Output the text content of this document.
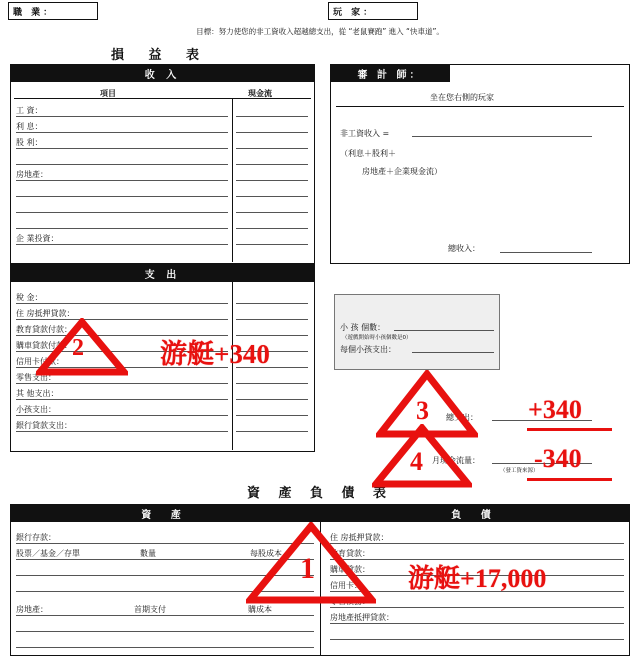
職 業：	玩 家：
目標：努力使您的非工資收入超越總支出，從 “老鼠賽跑” 進入 “快車道”。
損 益 表
收 入
項目	現金流
工 資：
利 息：
股 利：
房地產：
企 業投資：
支 出
稅 金：
住 房抵押貸款：
教育貸款付款：
購車貸款付款：
信用卡付款：
零售支出：
其 他支出：
小孩支出：
銀行貸款支出：
審 計 師：
坐在您右側的玩家
非工資收入 =
（利息＋股利＋
房地產＋企業現金流）
總收入：
小 孩 個數：
（遊戲開始時小孩個數是0）
每個小孩支出：
總支出：
月現金流量：
（發工資來源）
資 產 負 債 表
資 產	負 債
銀行存款：
股票／基金／存單	數量	每股成本
房地產：	首期支付	購成本
住 房抵押貸款：
教育貸款：
購車貸款：
信用卡：
零售債務：
房地產抵押貸款：
2	游艇+340
3
4
+340
-340
1	游艇+17,000
